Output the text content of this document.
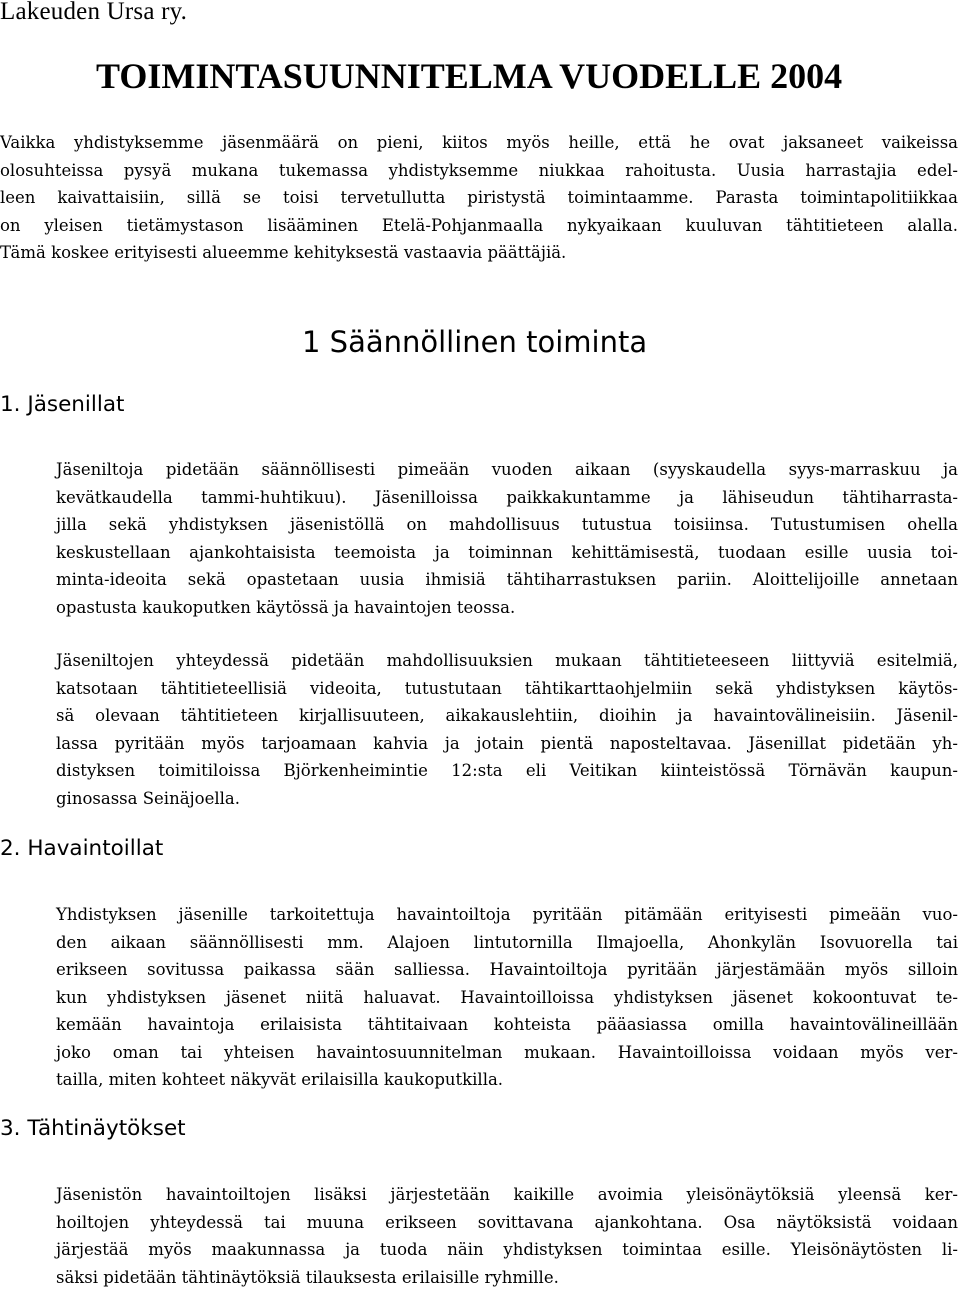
Lakeuden Ursa ry.
TOIMINTASUUNNITELMA VUODELLE 2004
Vaikka yhdistyksemme jäsenmäärä on pieni, kiitos myös heille, että he ovat jaksaneet vaikeissa
olosuhteissa pysyä mukana tukemassa yhdistyksemme niukkaa rahoitusta. Uusia harrastajia edel-
leen kaivattaisiin, sillä se toisi tervetullutta piristystä toimintaamme. Parasta toimintapolitiikkaa
on yleisen tietämystason lisääminen Etelä-Pohjanmaalla nykyaikaan kuuluvan tähtitieteen alalla.
Tämä koskee erityisesti alueemme kehityksestä vastaavia päättäjiä.
1 Säännöllinen toiminta
1. Jäsenillat
Jäseniltoja pidetään säännöllisesti pimeään vuoden aikaan (syyskaudella syys-marraskuu ja
kevätkaudella tammi-huhtikuu). Jäsenilloissa paikkakuntamme ja lähiseudun tähtiharrasta-
jilla sekä yhdistyksen jäsenistöllä on mahdollisuus tutustua toisiinsa. Tutustumisen ohella
keskustellaan ajankohtaisista teemoista ja toiminnan kehittämisestä, tuodaan esille uusia toi-
minta-ideoita sekä opastetaan uusia ihmisiä tähtiharrastuksen pariin. Aloittelijoille annetaan
opastusta kaukoputken käytössä ja havaintojen teossa.
Jäseniltojen yhteydessä pidetään mahdollisuuksien mukaan tähtitieteeseen liittyviä esitelmiä,
katsotaan tähtitieteellisiä videoita, tutustutaan tähtikarttaohjelmiin sekä yhdistyksen käytös-
sä olevaan tähtitieteen kirjallisuuteen, aikakauslehtiin, dioihin ja havaintovälineisiin. Jäsenil-
lassa pyritään myös tarjoamaan kahvia ja jotain pientä naposteltavaa. Jäsenillat pidetään yh-
distyksen toimitiloissa Björkenheimintie 12:sta eli Veitikan kiinteistössä Törnävän kaupun-
ginosassa Seinäjoella.
2. Havaintoillat
Yhdistyksen jäsenille tarkoitettuja havaintoiltoja pyritään pitämään erityisesti pimeään vuo-
den aikaan säännöllisesti mm. Alajoen lintutornilla Ilmajoella, Ahonkylän Isovuorella tai
erikseen sovitussa paikassa sään salliessa. Havaintoiltoja pyritään järjestämään myös silloin
kun yhdistyksen jäsenet niitä haluavat. Havaintoilloissa yhdistyksen jäsenet kokoontuvat te-
kemään havaintoja erilaisista tähtitaivaan kohteista pääasiassa omilla havaintovälineillään
joko oman tai yhteisen havaintosuunnitelman mukaan. Havaintoilloissa voidaan myös ver-
tailla, miten kohteet näkyvät erilaisilla kaukoputkilla.
3. Tähtinäytökset
Jäsenistön havaintoiltojen lisäksi järjestetään kaikille avoimia yleisönäytöksiä yleensä ker-
hoiltojen yhteydessä tai muuna erikseen sovittavana ajankohtana. Osa näytöksistä voidaan
järjestää myös maakunnassa ja tuoda näin yhdistyksen toimintaa esille. Yleisönäytösten li-
säksi pidetään tähtinäytöksiä tilauksesta erilaisille ryhmille.
